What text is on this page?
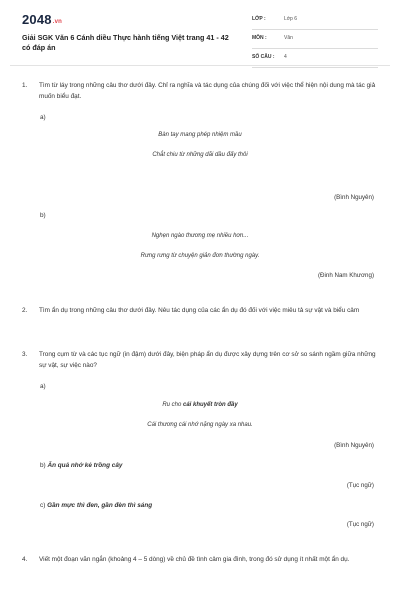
2048.vn
Giải SGK Văn 6 Cánh diều Thực hành tiếng Việt trang 41 - 42 có đáp án
LỚP :	Lớp 6
MÔN :	Văn
SỐ CÂU : 4
1. Tìm từ láy trong những câu thơ dưới đây. Chỉ ra nghĩa và tác dụng của chúng đối với việc thể hiện nội dung mà tác giả muốn biểu đạt.
a)
Bàn tay mang phép nhiệm mầu
Chắt chiu từ những dãi dầu đấy thôi
(Bình Nguyên)
b)
Nghẹn ngào thương mẹ nhiều hơn...
Rưng rưng từ chuyện giản đơn thường ngày.
(Đinh Nam Khương)
2. Tìm ẩn dụ trong những câu thơ dưới đây. Nêu tác dụng của các ẩn dụ đó đối với việc miêu tả sự vật và biểu cảm
3. Trong cụm từ và các tục ngữ (in đậm) dưới đây, biện pháp ẩn dụ được xây dựng trên cơ sở so sánh ngầm giữa những sự vật, sự việc nào?
a)
Ru cho cái khuyết tròn đầy
Cái thương cái nhớ nặng ngày xa nhau.
(Bình Nguyên)
b) Ăn quả nhớ kẻ trồng cây
(Tục ngữ)
c) Gần mực thì đen, gần đèn thì sáng
(Tục ngữ)
4. Viết một đoạn văn ngắn (khoảng 4 – 5 dòng) về chủ đề tình cảm gia đình, trong đó sử dụng ít nhất một ẩn dụ.
